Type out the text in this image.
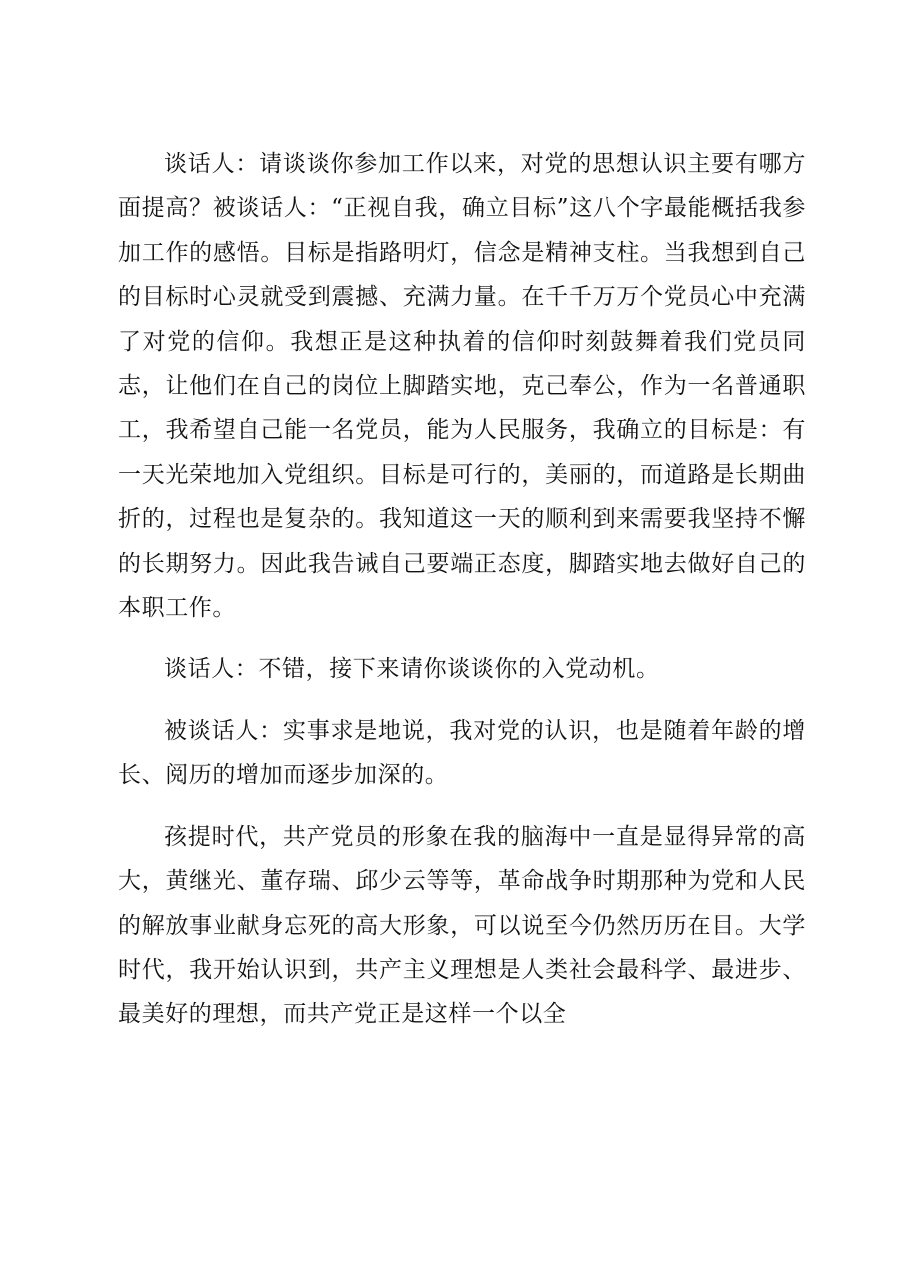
谈话人：请谈谈你参加工作以来，对党的思想认识主要有哪方面提高？被谈话人：“正视自我，确立目标”这八个字最能概括我参加工作的感悟。目标是指路明灯，信念是精神支柱。当我想到自己的目标时心灵就受到震撼、充满力量。在千千万万个党员心中充满了对党的信仰。我想正是这种执着的信仰时刻鼓舞着我们党员同志，让他们在自己的岗位上脚踏实地，克己奉公，作为一名普通职工，我希望自己能一名党员，能为人民服务，我确立的目标是：有一天光荣地加入党组织。目标是可行的，美丽的，而道路是长期曲折的，过程也是复杂的。我知道这一天的顺利到来需要我坚持不懈的长期努力。因此我告诫自己要端正态度，脚踏实地去做好自己的本职工作。

谈话人：不错，接下来请你谈谈你的入党动机。

被谈话人：实事求是地说，我对党的认识，也是随着年龄的增长、阅历的增加而逐步加深的。

孩提时代，共产党员的形象在我的脑海中一直是显得异常的高大，黄继光、董存瑞、邱少云等等，革命战争时期那种为党和人民的解放事业献身忘死的高大形象，可以说至今仍然历历在目。大学时代，我开始认识到，共产主义理想是人类社会最科学、最进步、最美好的理想，而共产党正是这样一个以全
